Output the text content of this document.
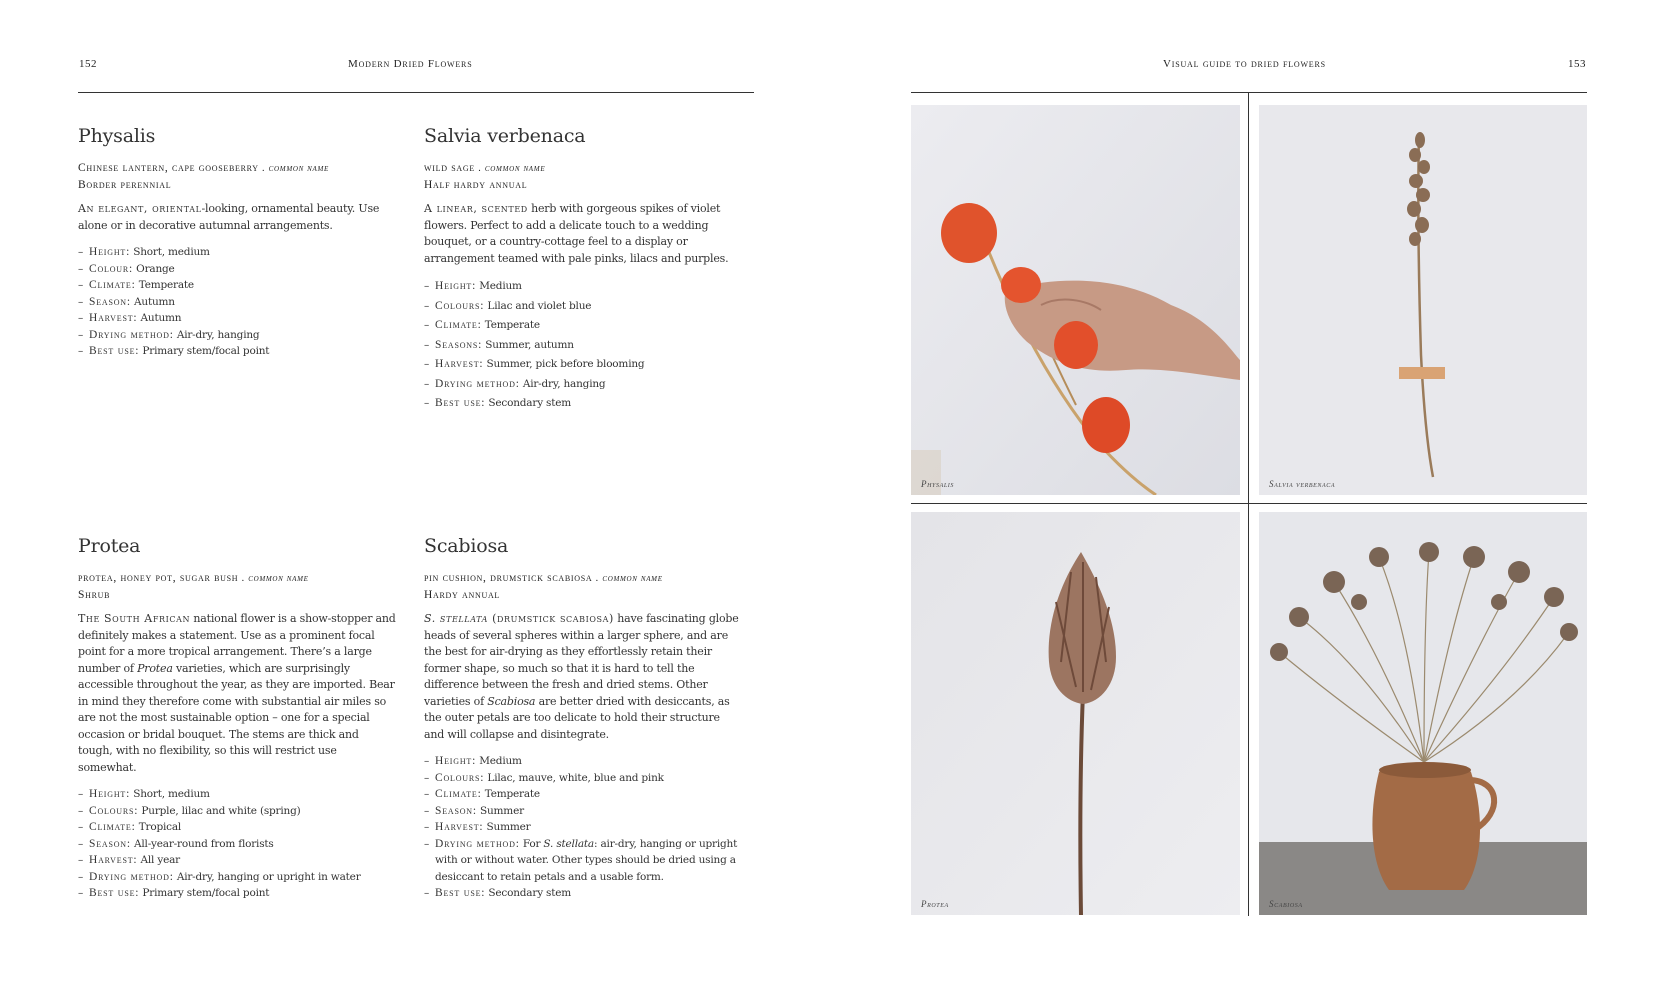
152	Modern Dried Flowers	Visual guide to dried flowers	153
Physalis
Chinese lantern, cape gooseberry . common name
Border perennial
An elegant, oriental-looking, ornamental beauty. Use alone or in decorative autumnal arrangements.
– Height: Short, medium
– Colour: Orange
– Climate: Temperate
– Season: Autumn
– Harvest: Autumn
– Drying method: Air-dry, hanging
– Best use: Primary stem/focal point
Salvia verbenaca
wild sage . common name
Half hardy annual
A linear, scented herb with gorgeous spikes of violet flowers. Perfect to add a delicate touch to a wedding bouquet, or a country-cottage feel to a display or arrangement teamed with pale pinks, lilacs and purples.
– Height: Medium
– Colours: Lilac and violet blue
– Climate: Temperate
– Seasons: Summer, autumn
– Harvest: Summer, pick before blooming
– Drying method: Air-dry, hanging
– Best use: Secondary stem
Protea
protea, honey pot, sugar bush . common name
Shrub
The South African national flower is a show-stopper and definitely makes a statement. Use as a prominent focal point for a more tropical arrangement. There’s a large number of Protea varieties, which are surprisingly accessible throughout the year, as they are imported. Bear in mind they therefore come with substantial air miles so are not the most sustainable option – one for a special occasion or bridal bouquet. The stems are thick and tough, with no flexibility, so this will restrict use somewhat.
– Height: Short, medium
– Colours: Purple, lilac and white (spring)
– Climate: Tropical
– Season: All-year-round from florists
– Harvest: All year
– Drying method: Air-dry, hanging or upright in water
– Best use: Primary stem/focal point
Scabiosa
pin cushion, drumstick scabiosa . common name
Hardy annual
S. stellata (drumstick scabiosa) have fascinating globe heads of several spheres within a larger sphere, and are the best for air-drying as they effortlessly retain their former shape, so much so that it is hard to tell the difference between the fresh and dried stems. Other varieties of Scabiosa are better dried with desiccants, as the outer petals are too delicate to hold their structure and will collapse and disintegrate.
– Height: Medium
– Colours: Lilac, mauve, white, blue and pink
– Climate: Temperate
– Season: Summer
– Harvest: Summer
– Drying method: For S. stellata: air-dry, hanging or upright with or without water. Other types should be dried using a desiccant to retain petals and a usable form.
– Best use: Secondary stem
Physalis	Salvia verbenaca
Protea	Scabiosa
